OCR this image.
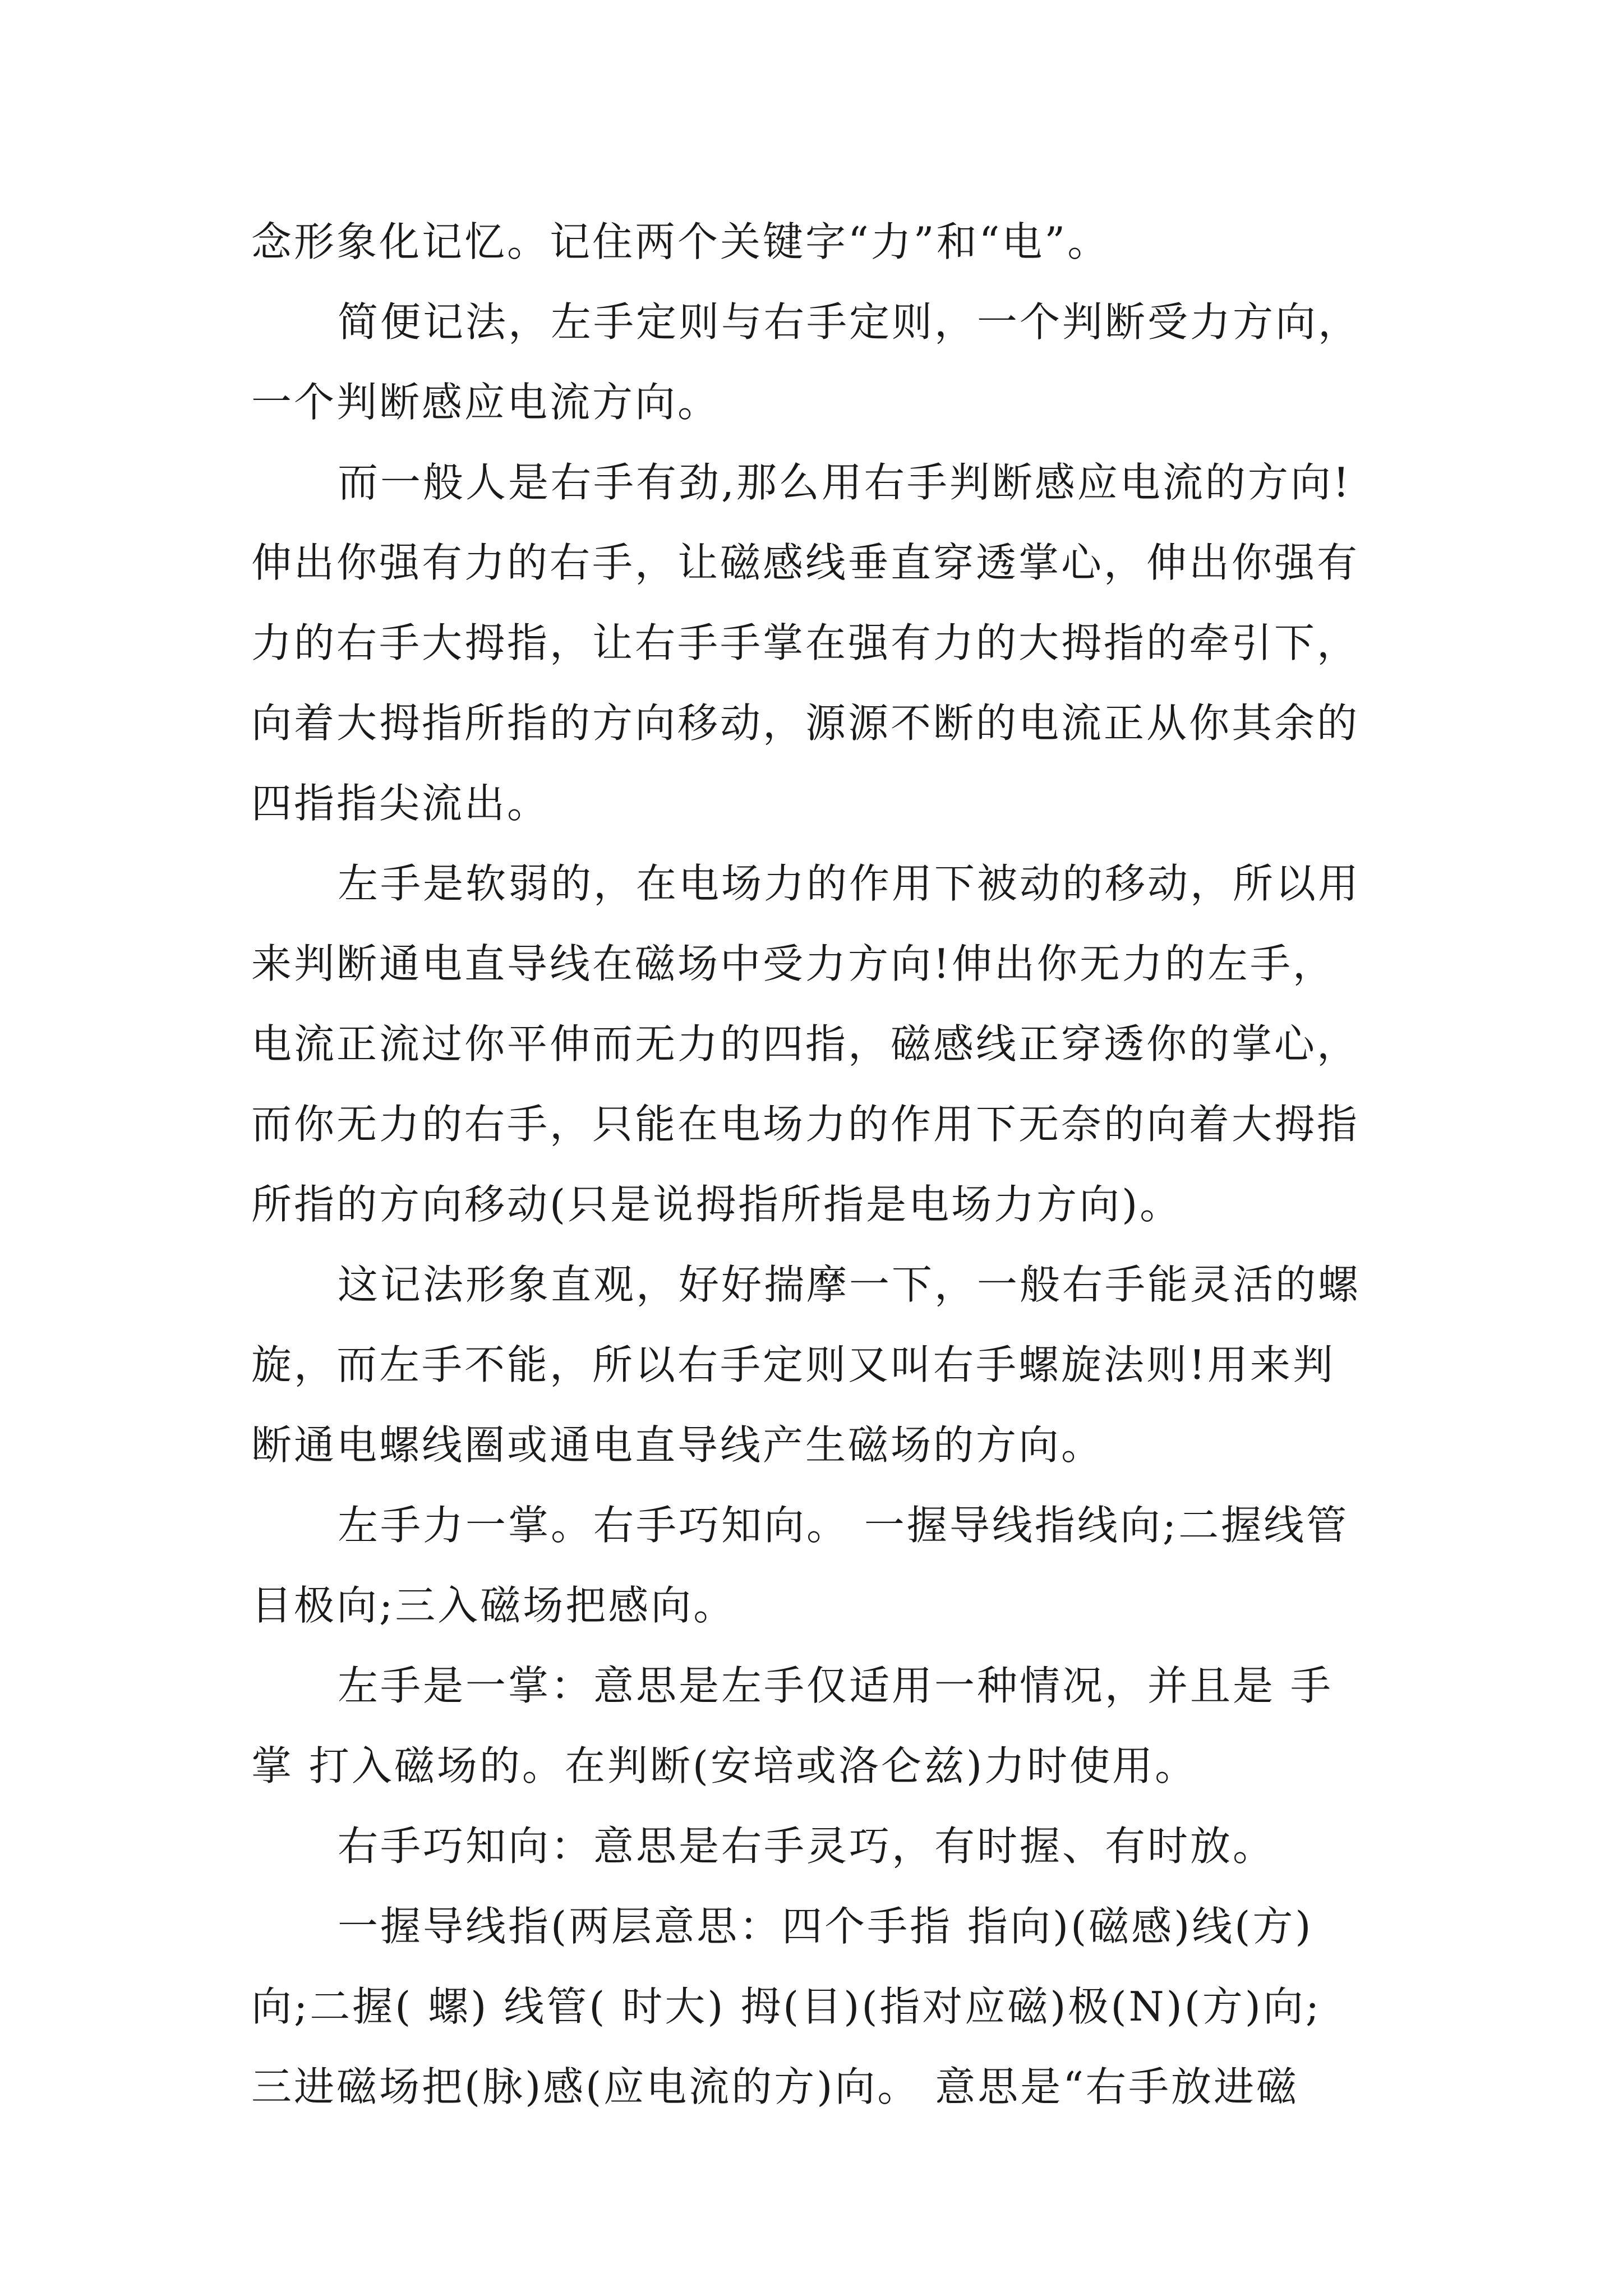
念形象化记忆。记住两个关键字“力”和“电”。
简便记法，左手定则与右手定则，一个判断受力方向，
一个判断感应电流方向。
而一般人是右手有劲,那么用右手判断感应电流的方向!
伸出你强有力的右手，让磁感线垂直穿透掌心，伸出你强有
力的右手大拇指，让右手手掌在强有力的大拇指的牵引下，
向着大拇指所指的方向移动，源源不断的电流正从你其余的
四指指尖流出。
左手是软弱的，在电场力的作用下被动的移动，所以用
来判断通电直导线在磁场中受力方向!伸出你无力的左手，
电流正流过你平伸而无力的四指，磁感线正穿透你的掌心，
而你无力的右手，只能在电场力的作用下无奈的向着大拇指
所指的方向移动(只是说拇指所指是电场力方向)。
这记法形象直观，好好揣摩一下，一般右手能灵活的螺
旋，而左手不能，所以右手定则又叫右手螺旋法则!用来判
断通电螺线圈或通电直导线产生磁场的方向。
左手力一掌。右手巧知向。 一握导线指线向;二握线管
目极向;三入磁场把感向。
左手是一掌：意思是左手仅适用一种情况，并且是 手
掌 打入磁场的。在判断(安培或洛仑兹)力时使用。
右手巧知向：意思是右手灵巧，有时握、有时放。
一握导线指(两层意思：四个手指 指向)(磁感)线(方)
向;二握( 螺) 线管( 时大) 拇(目)(指对应磁)极(N)(方)向;
三进磁场把(脉)感(应电流的方)向。 意思是“右手放进磁
